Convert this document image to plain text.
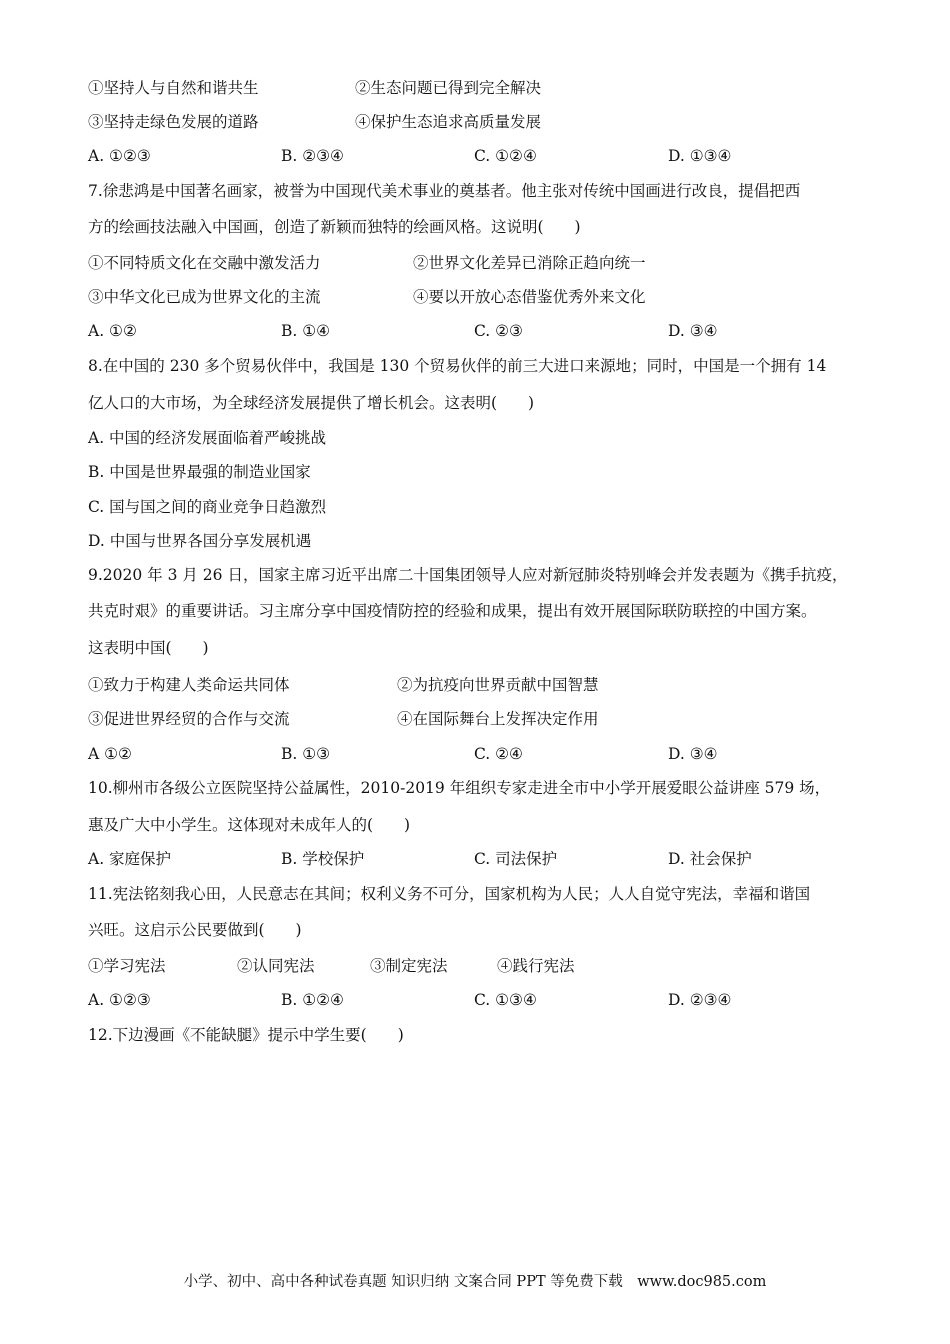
①坚持人与自然和谐共生	②生态问题已得到完全解决
③坚持走绿色发展的道路	④保护生态追求高质量发展
A. ①②③	B. ②③④	C. ①②④	D. ①③④
7.徐悲鸿是中国著名画家，被誉为中国现代美术事业的奠基者。他主张对传统中国画进行改良，提倡把西
方的绘画技法融入中国画，创造了新颖而独特的绘画风格。这说明(　　)
①不同特质文化在交融中激发活力	②世界文化差异已消除正趋向统一
③中华文化已成为世界文化的主流	④要以开放心态借鉴优秀外来文化
A. ①②	B. ①④	C. ②③	D. ③④
8.在中国的 230 多个贸易伙伴中，我国是 130 个贸易伙伴的前三大进口来源地；同时，中国是一个拥有 14
亿人口的大市场，为全球经济发展提供了增长机会。这表明(　　)
A. 中国的经济发展面临着严峻挑战
B. 中国是世界最强的制造业国家
C. 国与国之间的商业竞争日趋激烈
D. 中国与世界各国分享发展机遇
9.2020 年 3 月 26 日，国家主席习近平出席二十国集团领导人应对新冠肺炎特别峰会并发表题为《携手抗疫，
共克时艰》的重要讲话。习主席分享中国疫情防控的经验和成果，提出有效开展国际联防联控的中国方案。
这表明中国(　　)
①致力于构建人类命运共同体	②为抗疫向世界贡献中国智慧
③促进世界经贸的合作与交流	④在国际舞台上发挥决定作用
A ①②	B. ①③	C. ②④	D. ③④
10.柳州市各级公立医院坚持公益属性，2010-2019 年组织专家走进全市中小学开展爱眼公益讲座 579 场，
惠及广大中小学生。这体现对未成年人的(　　)
A. 家庭保护	B. 学校保护	C. 司法保护	D. 社会保护
11.宪法铭刻我心田，人民意志在其间；权利义务不可分，国家机构为人民；人人自觉守宪法，幸福和谐国
兴旺。这启示公民要做到(　　)
①学习宪法	②认同宪法	③制定宪法	④践行宪法
A. ①②③	B. ①②④	C. ①③④	D. ②③④
12.下边漫画《不能缺腿》提示中学生要(　　)
小学、初中、高中各种试卷真题 知识归纳 文案合同 PPT 等免费下载　www.doc985.com
